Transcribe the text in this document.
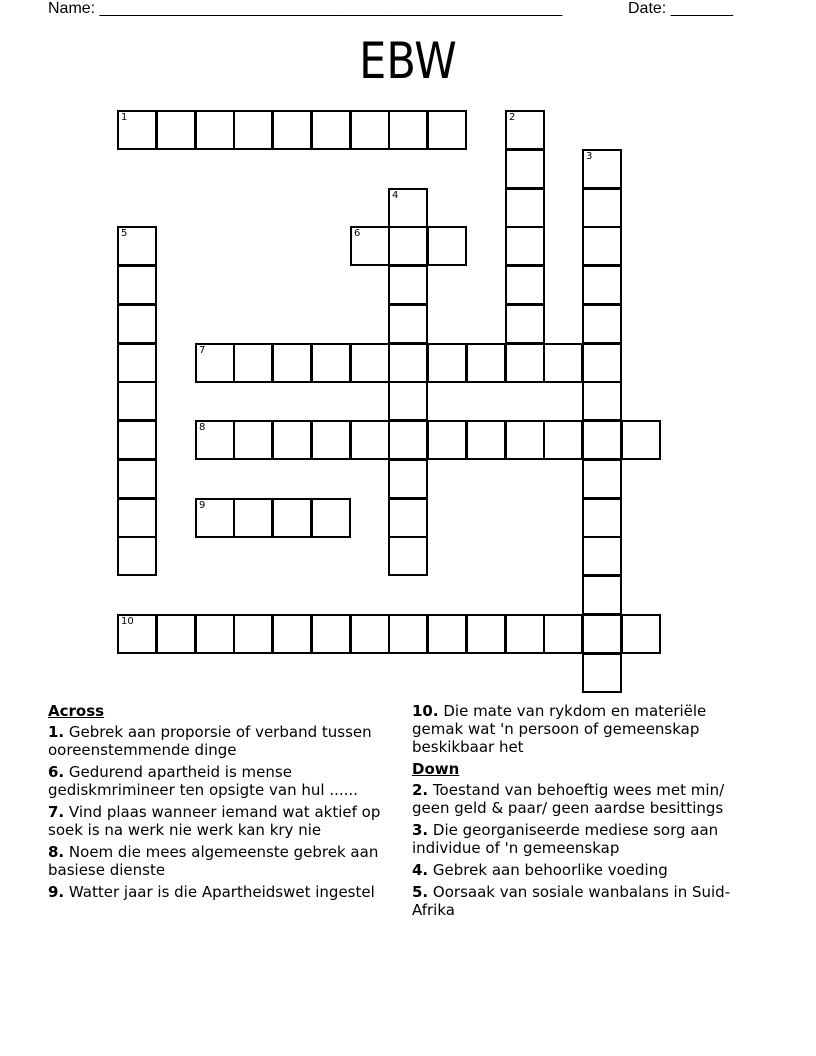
Name: ____________________________________________________	Date: _______
EBW
1	2
3
4
5	6
7
8
9
10
Across
1. Gebrek aan proporsie of verband tussen ooreenstemmende dinge
6. Gedurend apartheid is mense gediskmrimineer ten opsigte van hul ......
7. Vind plaas wanneer iemand wat aktief op soek is na werk nie werk kan kry nie
8. Noem die mees algemeenste gebrek aan basiese dienste
9. Watter jaar is die Apartheidswet ingestel
10. Die mate van rykdom en materiële gemak wat 'n persoon of gemeenskap beskikbaar het
Down
2. Toestand van behoeftig wees met min/ geen geld & paar/ geen aardse besittings
3. Die georganiseerde mediese sorg aan individue of 'n gemeenskap
4. Gebrek aan behoorlike voeding
5. Oorsaak van sosiale wanbalans in Suid-Afrika
